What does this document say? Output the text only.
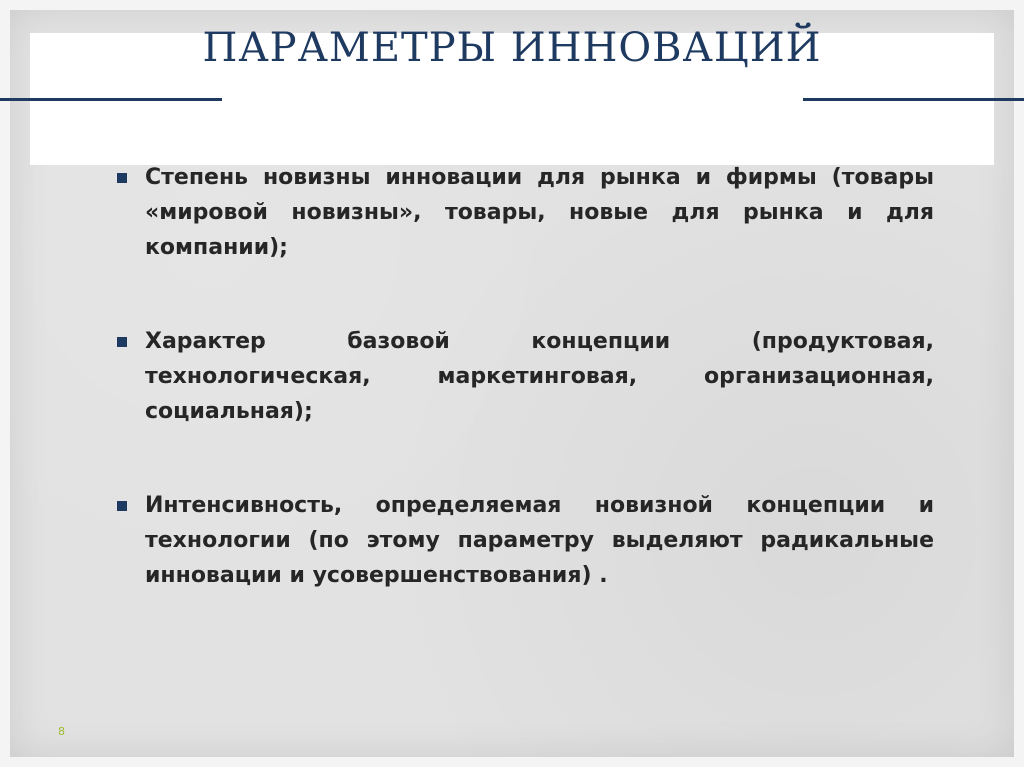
ПАРАМЕТРЫ ИННОВАЦИЙ
Степень новизны инновации для рынка и фирмы (товары «мировой новизны», товары, новые для рынка и для компании);
Характер базовой концепции (продуктовая, технологическая, маркетинговая, организационная, социальная);
Интенсивность, определяемая новизной концепции и технологии (по этому параметру выделяют радикальные инновации и усовершенствования) .
8
